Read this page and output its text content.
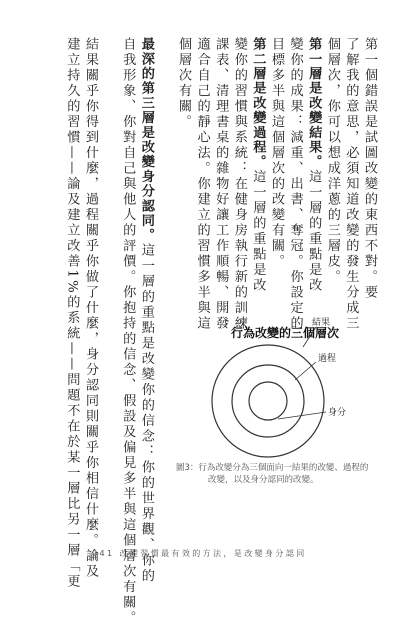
第一個錯誤是試圖改變的東西不對。要
了解我的意思，必須知道改變的發生分成三
個層次，你可以想成洋蔥的三層皮。
第一層是改變結果。這一層的重點是改
變你的成果：減重、出書、奪冠。你設定的
目標多半與這個層次的改變有關。
第二層是改變過程。這一層的重點是改
變你的習慣與系統：在健身房執行新的訓練
課表、清理書桌的雜物好讓工作順暢、開發
適合自己的靜心法。你建立的習慣多半與這
個層次有關。
最深的第三層是改變身分認同。這一層的重點是改變你的信念：你的世界觀、你的
自我形象、你對自己與他人的評價。你抱持的信念、假設及偏見多半與這個層次有關。
結果關乎你得到什麼，過程關乎你做了什麼，身分認同則關乎你相信什麼。論及
建立持久的習慣——論及建立改善1%的系統——問題不在於某一層比另一層「更	行為改變的三個層次
結果
過程
身分
圖3：行為改變分為三個面向一結果的改變、過程的
改變，以及身分認同的改變。
041 改變習慣最有效的方法，是改變身分認同
